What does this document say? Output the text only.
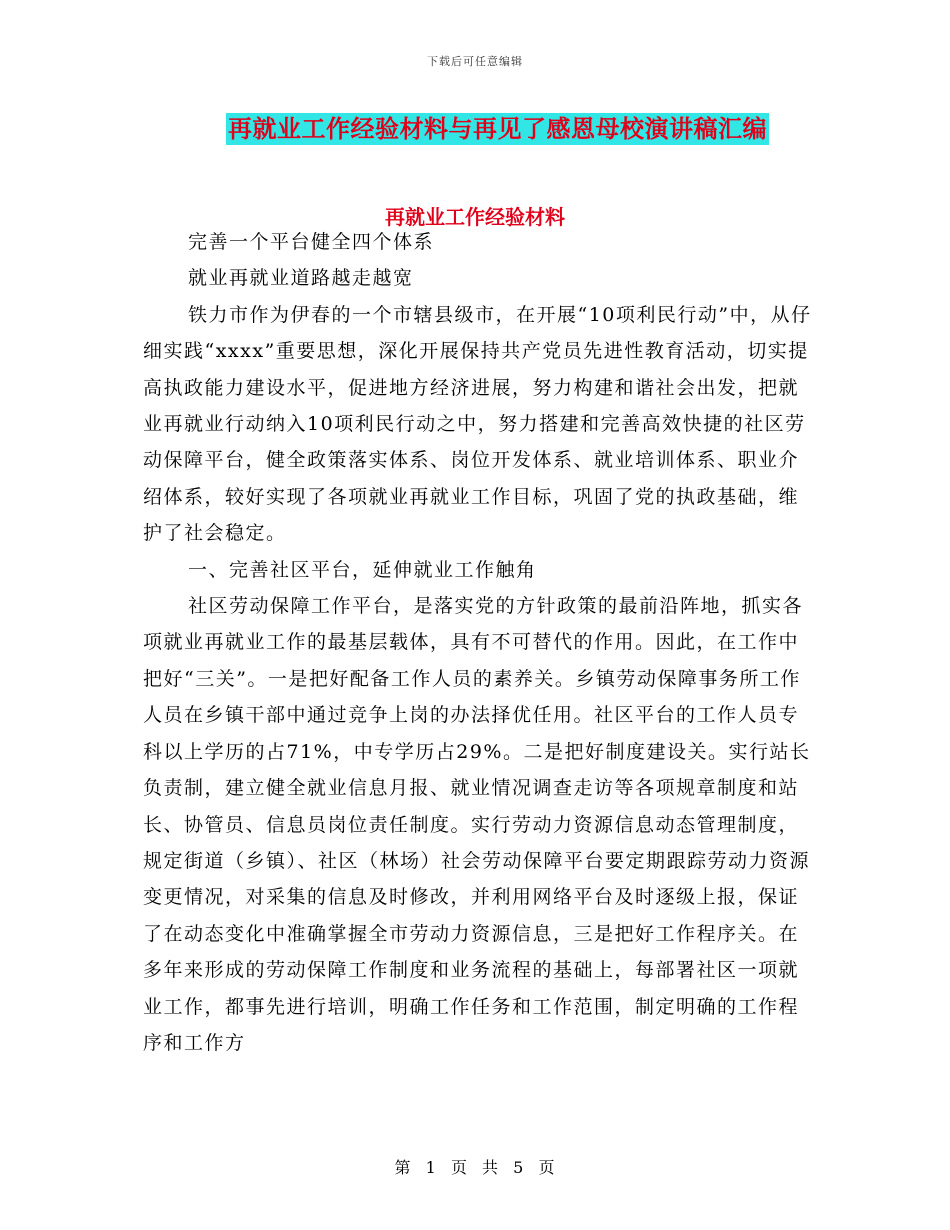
下载后可任意编辑
再就业工作经验材料与再见了感恩母校演讲稿汇编
再就业工作经验材料

完善一个平台健全四个体系

就业再就业道路越走越宽

铁力市作为伊春的一个市辖县级市，在开展“10项利民行动”中，从仔细实践“xxxx”重要思想，深化开展保持共产党员先进性教育活动，切实提高执政能力建设水平，促进地方经济进展，努力构建和谐社会出发，把就业再就业行动纳入10项利民行动之中，努力搭建和完善高效快捷的社区劳动保障平台，健全政策落实体系、岗位开发体系、就业培训体系、职业介绍体系，较好实现了各项就业再就业工作目标，巩固了党的执政基础，维护了社会稳定。

一、完善社区平台，延伸就业工作触角

社区劳动保障工作平台，是落实党的方针政策的最前沿阵地，抓实各项就业再就业工作的最基层载体，具有不可替代的作用。因此，在工作中把好“三关”。一是把好配备工作人员的素养关。乡镇劳动保障事务所工作人员在乡镇干部中通过竞争上岗的办法择优任用。社区平台的工作人员专科以上学历的占71%，中专学历占29%。二是把好制度建设关。实行站长负责制，建立健全就业信息月报、就业情况调查走访等各项规章制度和站长、协管员、信息员岗位责任制度。实行劳动力资源信息动态管理制度，规定街道（乡镇）、社区（林场）社会劳动保障平台要定期跟踪劳动力资源变更情况，对采集的信息及时修改，并利用网络平台及时逐级上报，保证了在动态变化中准确掌握全市劳动力资源信息，三是把好工作程序关。在多年来形成的劳动保障工作制度和业务流程的基础上，每部署社区一项就业工作，都事先进行培训，明确工作任务和工作范围，制定明确的工作程序和工作方

第 1 页 共 5 页
